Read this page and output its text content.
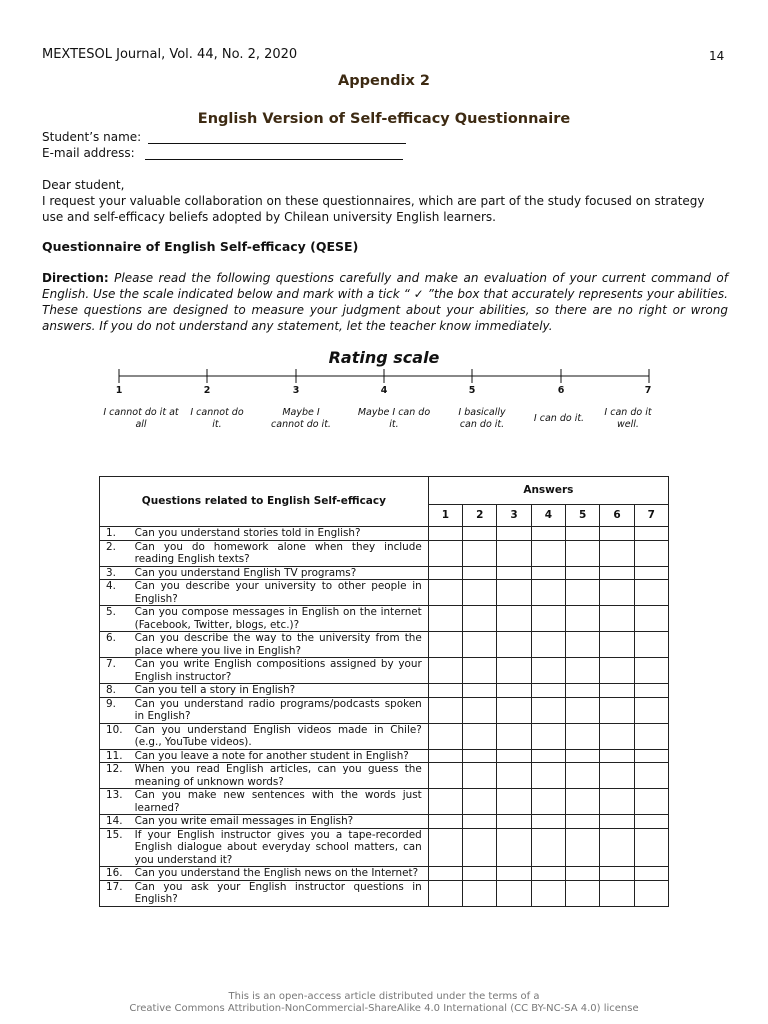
MEXTESOL Journal, Vol. 44, No. 2, 2020	14
Appendix 2
English Version of Self-efficacy Questionnaire
Student’s name:
E-mail address:
Dear student,
I request your valuable collaboration on these questionnaires, which are part of the study focused on strategy use and self-efficacy beliefs adopted by Chilean university English learners.
Questionnaire of English Self-efficacy (QESE)
Direction: Please read the following questions carefully and make an evaluation of your current command of English. Use the scale indicated below and mark with a tick “ ✓ ”the box that accurately represents your abilities. These questions are designed to measure your judgment about your abilities, so there are no right or wrong answers. If you do not understand any statement, let the teacher know immediately.
Rating scale
1	2	3	4	5	6	7
I cannot do it at all
I cannot do it.
Maybe I cannot do it.
Maybe I can do it.
I basically can do it.
I can do it.
I can do it well.
Questions related to English Self-efficacy		Answers						
		1	2	3	4	5	6	7
1.	Can you understand stories told in English?							
2.	Can you do homework alone when they include reading English texts?							
3.	Can you understand English TV programs?							
4.	Can you describe your university to other people in English?							
5.	Can you compose messages in English on the internet (Facebook, Twitter, blogs, etc.)?							
6.	Can you describe the way to the university from the place where you live in English?							
7.	Can you write English compositions assigned by your English instructor?							
8.	Can you tell a story in English?							
9.	Can you understand radio programs/podcasts spoken in English?							
10.	Can you understand English videos made in Chile? (e.g., YouTube videos).							
11.	Can you leave a note for another student in English?							
12.	When you read English articles, can you guess the meaning of unknown words?							
13.	Can you make new sentences with the words just learned?							
14.	Can you write email messages in English?							
15.	If your English instructor gives you a tape-recorded English dialogue about everyday school matters, can you understand it?							
16.	Can you understand the English news on the Internet?							
17.	Can you ask your English instructor questions in English?							
This is an open-access article distributed under the terms of a
Creative Commons Attribution-NonCommercial-ShareAlike 4.0 International (CC BY-NC-SA 4.0) license
